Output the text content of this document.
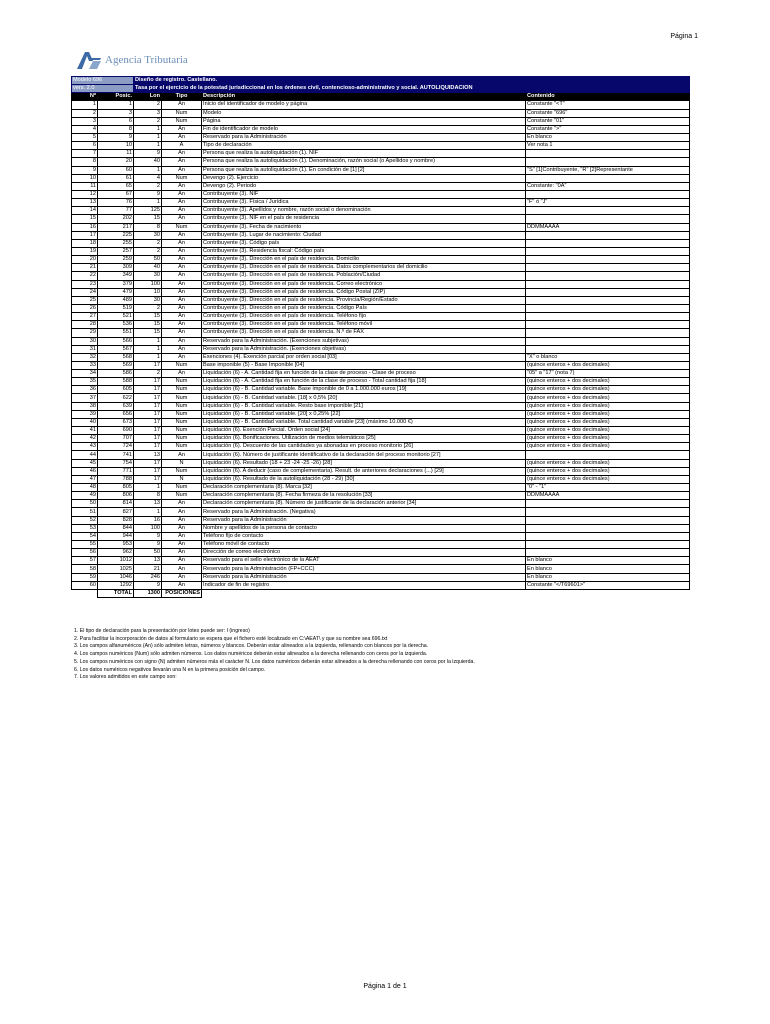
Página 1
Agencia Tributaria
Modelo 696		Diseño de registro. Castellano.			
vers. 2.0		Tasa por el ejercicio de la potestad jurisdiccional en los órdenes civil, contencioso-administrativo y social. AUTOLIQUIDACIÓN			
Nº	Posic.	Lon	Tipo	Descripción	Contenido
1	1	2	An	Inicio del identificador de modelo y página	Constante "<T"
2	3	3	Num	Modelo	Constante "696"
3	6	2	Num	Página	Constante "01"
4	8	1	An	Fin de identificador de modelo	Constante ">"
5	9	1	An	Reservado para la Administración	En blanco
6	10	1	A	Tipo de declaración	Ver nota 1
7	11	9	An	Persona que realiza la autoliquidación (1). NIF	
8	20	40	An	Persona que realiza la autoliquidación (1). Denominación, razón social (o Apellidos y nombre)	
9	60	1	An	Persona que realiza la autoliquidación (1). En condición de [1] [2]	"S" [1]Contribuyente, "R" [2]Representante
10	61	4	Num	Devengo (2). Ejercicio	
11	65	2	An	Devengo (2). Periodo	Constante: "0A"
12	67	9	An	Contribuyente (3). NIF	
13	76	1	An	Contribuyente (3). Física / Jurídica	"F" ó "J"
14	77	125	An	Contribuyente (3). Apellidos y nombre, razón social o denominación	
15	202	15	An	Contribuyente (3). NIF en el país de residencia	
16	217	8	Num	Contribuyente (3). Fecha de nacimiento	DDMMAAAA
17	225	30	An	Contribuyente (3). Lugar de nacimiento: Ciudad	
18	255	2	An	Contribuyente (3). Código país	
19	257	2	An	Contribuyente (3). Residencia fiscal: Código país	
20	259	50	An	Contribuyente (3). Dirección en el país de residencia. Domicilio	
21	309	40	An	Contribuyente (3). Dirección en el país de residencia. Datos complementarios del domicilio	
22	349	30	An	Contribuyente (3). Dirección en el país de residencia. Población/Ciudad	
23	379	100	An	Contribuyente (3). Dirección en el país de residencia. Correo electrónico	
24	479	10	An	Contribuyente (3). Dirección en el país de residencia. Código Postal (ZIP)	
25	489	30	An	Contribuyente (3). Dirección en el país de residencia. Provincia/Región/Estado	
26	519	2	An	Contribuyente (3). Dirección en el país de residencia. Código País	
27	521	15	An	Contribuyente (3). Dirección en el país de residencia. Teléfono fijo	
28	536	15	An	Contribuyente (3). Dirección en el país de residencia. Teléfono móvil	
29	551	15	An	Contribuyente (3). Dirección en el país de residencia. N.º de FAX	
30	566	1	An	Reservado para la Administración. (Exenciones subjetivas)	
31	567	1	An	Reservado para la Administración. (Exenciones objetivas)	
32	568	1	An	Exenciones (4). Exención parcial por orden social [03]	"X" o blanco
33	569	17	Num	Base imponible (5) - Base Imponible [04]	(quince enteros + dos decimales)
34	586	2	An	Liquidación (6) - A. Cantidad fija en función de la clase de proceso - Clase de proceso	"05" a "17" (nota 7)
35	588	17	Num	Liquidación (6) - A. Cantidad fija en función de la clase de proceso - Total cantidad fija [18]	(quince enteros + dos decimales)
36	605	17	Num	Liquidación (6) - B. Cantidad variable. Base imponible de 0 a 1.000.000 euros [19]	(quince enteros + dos decimales)
37	622	17	Num	Liquidación (6) - B. Cantidad variable. [18] x 0,5% [20]	(quince enteros + dos decimales)
38	639	17	Num	Liquidación (6) - B. Cantidad variable. Resto base imponible [21]	(quince enteros + dos decimales)
39	656	17	Num	Liquidación (6) - B. Cantidad variable. [20] x 0,25% [22]	(quince enteros + dos decimales)
40	673	17	Num	Liquidación (6) - B. Cantidad variable. Total cantidad variable [23] (máximo 10.000 €)	(quince enteros + dos decimales)
41	690	17	Num	Liquidación (6). Exención Parcial. Orden social [24]	(quince enteros + dos decimales)
42	707	17	Num	Liquidación (6). Bonificaciones. Utilización de medios telemáticos [25]	(quince enteros + dos decimales)
43	724	17	Num	Liquidación (6). Descuento de las cantidades ya abonadas en proceso monitorio [26]	(quince enteros + dos decimales)
44	741	13	An	Liquidación (6). Número de justificante identificativo de la declaración del proceso monitorio [27]	
45	754	17	N	Liquidación (6). Resultado (18 + 23 -24 -25 -26) [28]	(quince enteros + dos decimales)
46	771	17	Num	Liquidación (6). A deducir (caso de complementaria). Result. de anteriores declaraciones (...) [29]	(quince enteros + dos decimales)
47	788	17	N	Liquidación (6). Resultado de la autoliquidación (28 - 29) [30]	(quince enteros + dos decimales)
48	805	1	Num	Declaración complementaria (8). Marca [32]	"0" - "1"
49	806	8	Num	Declaración complementaria (8). Fecha firmeza de la resolución [33]	DDMMAAAA
50	814	13	An	Declaración complementaria (8). Número de justificante de la declaración anterior [34]	
51	827	1	An	Reservado para la Administración. (Negativa)	
52	828	16	An	Reservado para la Administración	
53	844	100	An	Nombre y apellidos de la persona de contacto	
54	944	9	An	Teléfono fijo de contacto	
55	953	9	An	Teléfono móvil de contacto	
56	962	50	An	Dirección de correo electrónico	
57	1012	13	An	Reservado para el sello electrónico de la AEAT	En blanco
58	1025	21	An	Reservado para la Administración (FP+CCC)	En blanco
59	1046	246	An	Reservado para la Administración	En blanco
60	1292	9	An	Indicador de fin de registro	Constante "</T69601>"
	TOTAL	1300	POSICIONES		
1. El tipo de declaración para la presentación por lotes puede ser: I (ingreso)
2. Para facilitar la incorporación de datos al formulario se espera que el fichero esté localizado en C:\AEAT\ y que su nombre sea 696.txt
3. Los campos alfanuméricos (An) sólo admiten letras, números y blancos. Deberán estar alineados a la izquierda, rellenando con blancos por la derecha.
4. Los campos numéricos (Num) sólo admiten números. Los datos numéricos deberán estar alineados a la derecha rellenando con ceros por la izquierda.
5. Los campos numéricos con signo (N) admiten números más el carácter N. Los datos numéricos deberán estar alineados a la derecha rellenando con ceros por la izquierda.
6. Los datos numéricos negativos llevarán una N en la primera posición del campo.
7. Los valores admitidos en este campo son:
Página 1 de 1
